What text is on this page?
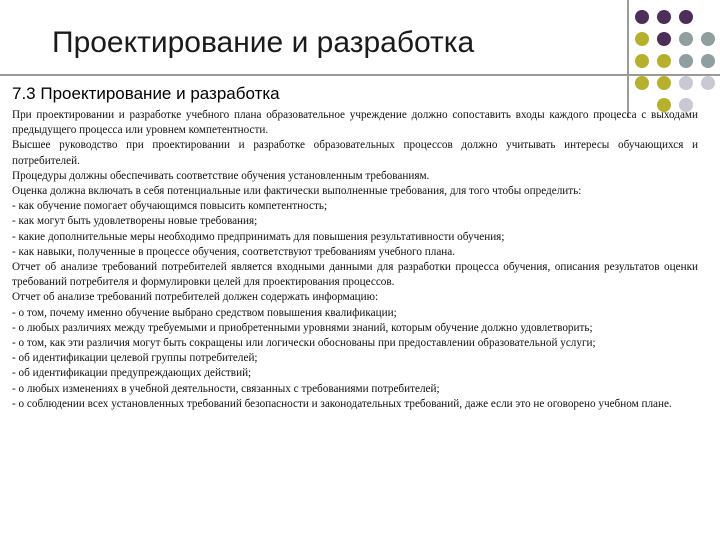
Проектирование и разработка
7.3 Проектирование и разработка

При проектировании и разработке учебного плана образовательное учреждение должно сопоставить входы каждого процесса с выходами предыдущего процесса или уровнем компетентности.

Высшее руководство при проектировании и разработке образовательных процессов должно учитывать интересы обучающихся и потребителей.

Процедуры должны обеспечивать соответствие обучения установленным требованиям.

Оценка должна включать в себя потенциальные или фактически выполненные требования, для того чтобы определить:

- как обучение помогает обучающимся повысить компетентность;

- как могут быть удовлетворены новые требования;

- какие дополнительные меры необходимо предпринимать для повышения результативности обучения;

- как навыки, полученные в процессе обучения, соответствуют требованиям учебного плана.

Отчет об анализе требований потребителей является входными данными для разработки процесса обучения, описания результатов оценки требований потребителя и формулировки целей для проектирования процессов.

Отчет об анализе требований потребителей должен содержать информацию:

- о том, почему именно обучение выбрано средством повышения квалификации;

- о любых различиях между требуемыми и приобретенными уровнями знаний, которым обучение должно удовлетворить;

- о том, как эти различия могут быть сокращены или логически обоснованы при предоставлении образовательной услуги;

- об идентификации целевой группы потребителей;

- об идентификации предупреждающих действий;

- о любых изменениях в учебной деятельности, связанных с требованиями потребителей;

- о соблюдении всех установленных требований безопасности и законодательных требований, даже если это не оговорено учебном плане.
